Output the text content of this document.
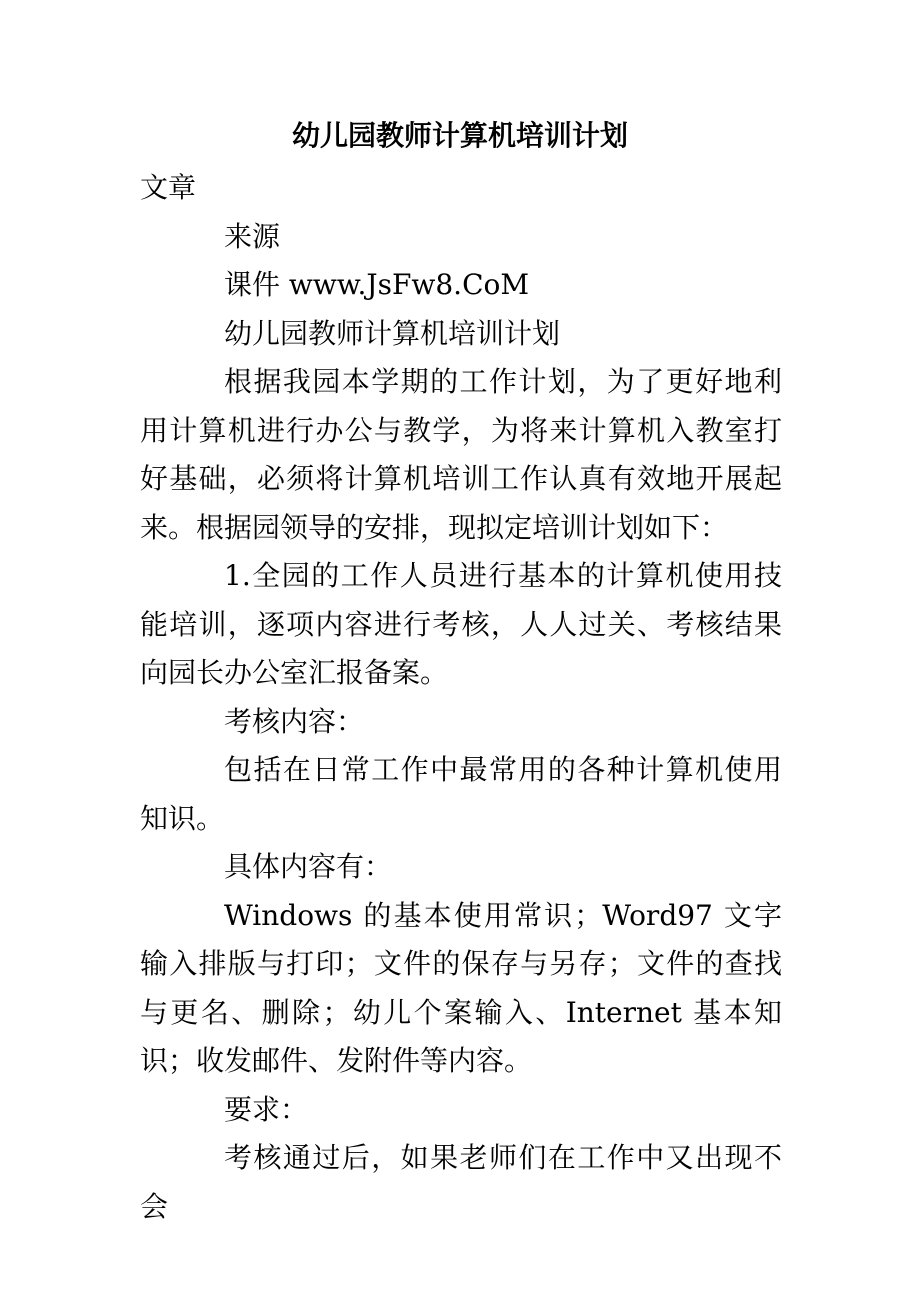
幼儿园教师计算机培训计划

文章

来源

课件 www.JsFw8.CoM

幼儿园教师计算机培训计划

根据我园本学期的工作计划，为了更好地利用计算机进行办公与教学，为将来计算机入教室打好基础，必须将计算机培训工作认真有效地开展起来。根据园领导的安排，现拟定培训计划如下：

1.全园的工作人员进行基本的计算机使用技能培训，逐项内容进行考核，人人过关、考核结果向园长办公室汇报备案。

考核内容：

包括在日常工作中最常用的各种计算机使用知识。

具体内容有：

Windows 的基本使用常识；Word97 文字输入排版与打印；文件的保存与另存；文件的查找与更名、删除；幼儿个案输入、Internet 基本知识；收发邮件、发附件等内容。

要求：

考核通过后，如果老师们在工作中又出现不会
